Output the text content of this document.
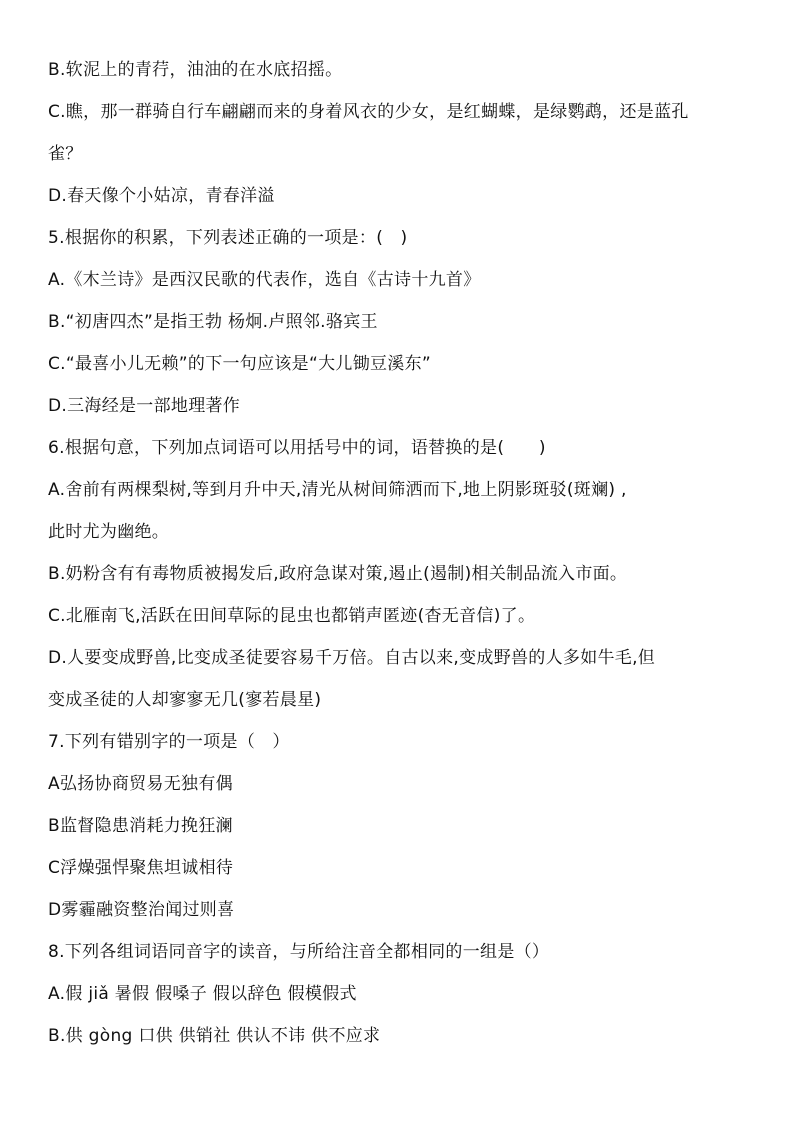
B.软泥上的青荇，油油的在水底招摇。
C.瞧，那一群骑自行车翩翩而来的身着风衣的少女，是红蝴蝶，是绿鹦鹉，还是蓝孔
雀？
D.春天像个小姑凉，青春洋溢
5.根据你的积累，下列表述正确的一项是：(　)
A.《木兰诗》是西汉民歌的代表作，选自《古诗十九首》
B.“初唐四杰”是指王勃 杨炯.卢照邻.骆宾王
C.“最喜小儿无赖”的下一句应该是“大儿锄豆溪东”
D.三海经是一部地理著作
6.根据句意，下列加点词语可以用括号中的词，语替换的是(　　)
A.舍前有两棵梨树,等到月升中天,清光从树间筛洒而下,地上阴影斑驳(斑斓) ,
此时尤为幽绝。
B.奶粉含有有毒物质被揭发后,政府急谋对策,遏止(遏制)相关制品流入市面。
C.北雁南飞,活跃在田间草际的昆虫也都销声匿迹(杳无音信)了。
D.人要变成野兽,比变成圣徒要容易千万倍。自古以来,变成野兽的人多如牛毛,但
变成圣徒的人却寥寥无几(寥若晨星)
7.下列有错别字的一项是（　）
A弘扬协商贸易无独有偶
B监督隐患消耗力挽狂澜
C浮燥强悍聚焦坦诚相待
D雾霾融资整治闻过则喜
8.下列各组词语同音字的读音，与所给注音全都相同的一组是（）
A.假 jiǎ 暑假 假嗓子 假以辞色 假模假式
B.供 gòng 口供 供销社 供认不讳 供不应求
